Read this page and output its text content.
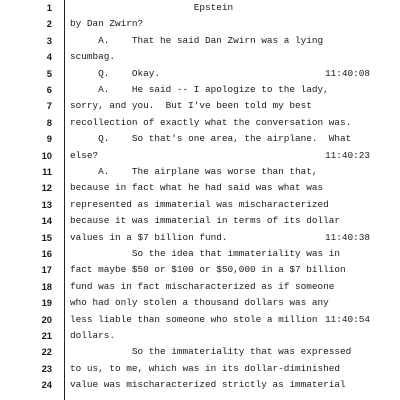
1 Epstein
2 by Dan Zwirn?
3 A.    That he said Dan Zwirn was a lying
4 scumbag.
5 Q.    Okay.	11:40:08
6 A.    He said -- I apologize to the lady,
7 sorry, and you.  But I've been told my best
8 recollection of exactly what the conversation was.
9 Q.    So that's one area, the airplane.  What
10 else?	11:40:23
11 A.    The airplane was worse than that,
12 because in fact what he had said was what was
13 represented as immaterial was mischaracterized
14 because it was immaterial in terms of its dollar
15 values in a $7 billion fund.	11:40:38
16 So the idea that immateriality was in
17 fact maybe $50 or $100 or $50,000 in a $7 billion
18 fund was in fact mischaracterized as if someone
19 who had only stolen a thousand dollars was any
20 less liable than someone who stole a million 11:40:54
21 dollars.
22 So the immateriality that was expressed
23 to us, to me, which was in its dollar-diminished
24 value was mischaracterized strictly as immaterial
